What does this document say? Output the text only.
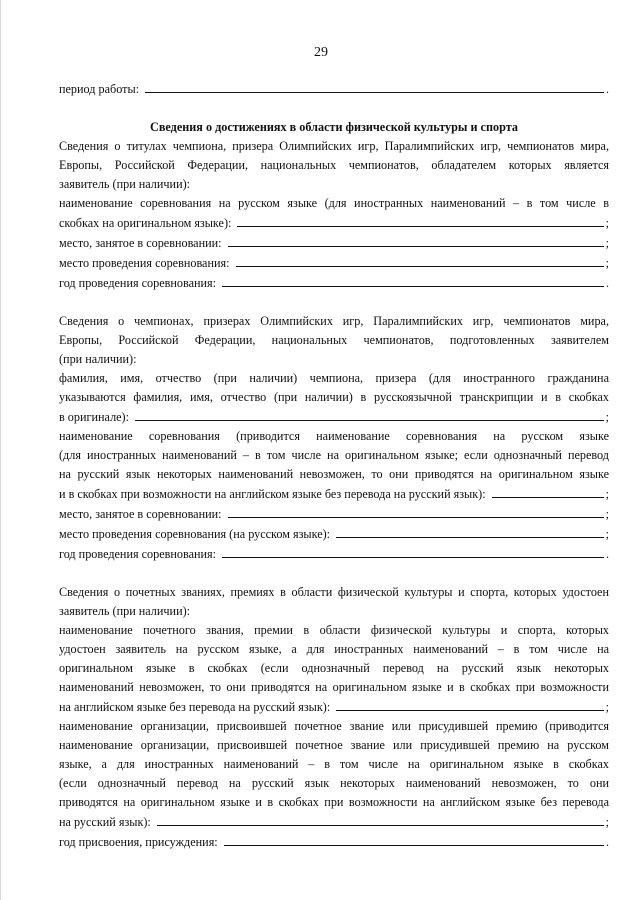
29
период работы:	.
Сведения о достижениях в области физической культуры и спорта
Сведения о титулах чемпиона, призера Олимпийских игр, Паралимпийских игр, чемпионатов мира,
Европы, Российской Федерации, национальных чемпионатов, обладателем которых является
заявитель (при наличии):
наименование соревнования на русском языке (для иностранных наименований – в том числе в
скобках на оригинальном языке):	;
место, занятое в соревновании:	;
место проведения соревнования:	;
год проведения соревнования:	.
Сведения о чемпионах, призерах Олимпийских игр, Паралимпийских игр, чемпионатов мира,
Европы, Российской Федерации, национальных чемпионатов, подготовленных заявителем
(при наличии):
фамилия, имя, отчество (при наличии) чемпиона, призера (для иностранного гражданина
указываются фамилия, имя, отчество (при наличии) в русскоязычной транскрипции и в скобках
в оригинале):	;
наименование соревнования (приводится наименование соревнования на русском языке
(для иностранных наименований – в том числе на оригинальном языке; если однозначный перевод
на русский язык некоторых наименований невозможен, то они приводятся на оригинальном языке
и в скобках при возможности на английском языке без перевода на русский язык):	;
место, занятое в соревновании:	;
место проведения соревнования (на русском языке):	;
год проведения соревнования:	.
Сведения о почетных званиях, премиях в области физической культуры и спорта, которых удостоен
заявитель (при наличии):
наименование почетного звания, премии в области физической культуры и спорта, которых
удостоен заявитель на русском языке, а для иностранных наименований – в том числе на
оригинальном языке в скобках (если однозначный перевод на русский язык некоторых
наименований невозможен, то они приводятся на оригинальном языке и в скобках при возможности
на английском языке без перевода на русский язык):	;
наименование организации, присвоившей почетное звание или присудившей премию (приводится
наименование организации, присвоившей почетное звание или присудившей премию на русском
языке, а для иностранных наименований – в том числе на оригинальном языке в скобках
(если однозначный перевод на русский язык некоторых наименований невозможен, то они
приводятся на оригинальном языке и в скобках при возможности на английском языке без перевода
на русский язык):	;
год присвоения, присуждения:	.
